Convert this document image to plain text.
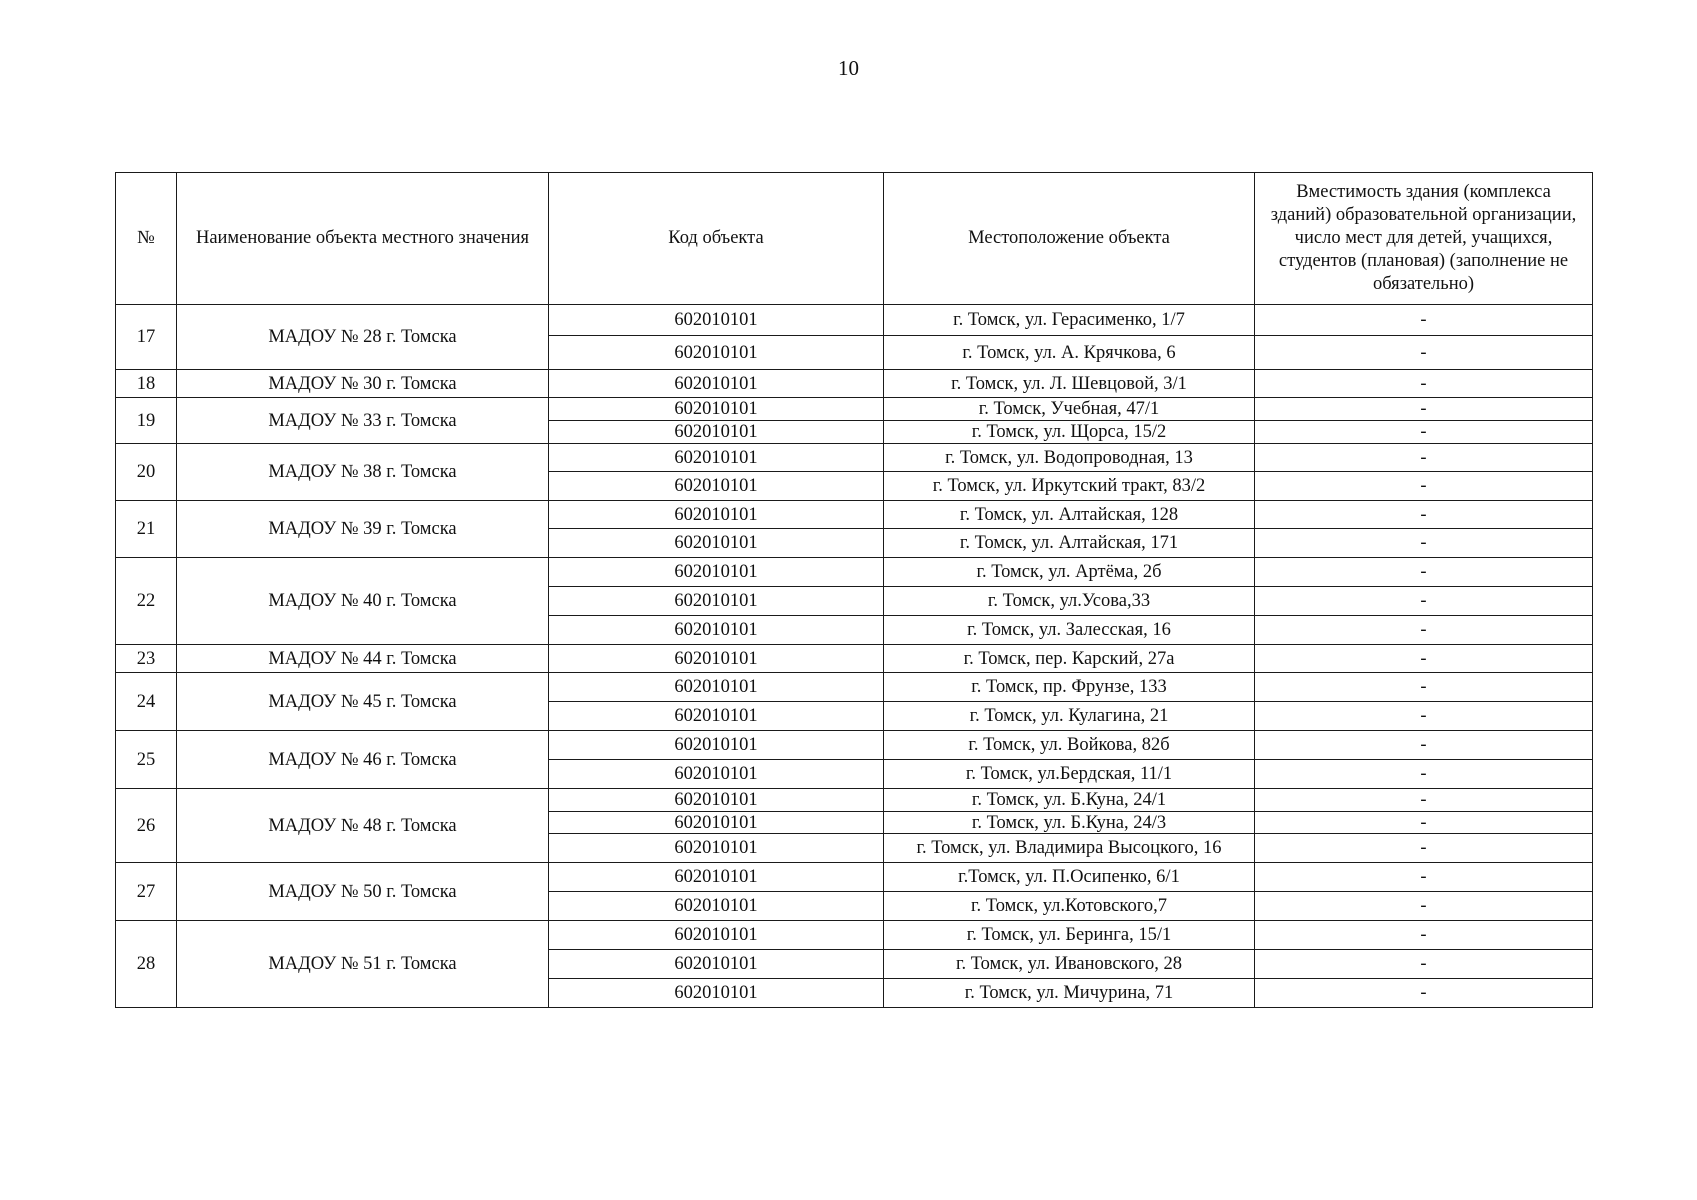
10
№	Наименование объекта местного значения	Код объекта	Местоположение объекта	Вместимость здания (комплекса зданий) образовательной организации, число мест для детей, учащихся, студентов (плановая) (заполнение не обязательно)
17	МАДОУ № 28 г. Томска	602010101	г. Томск, ул. Герасименко, 1/7	-
		602010101	г. Томск, ул. А. Крячкова, 6	-
18	МАДОУ № 30 г. Томска	602010101	г. Томск, ул. Л. Шевцовой, 3/1	-
19	МАДОУ № 33 г. Томска	602010101	г. Томск, Учебная, 47/1	-
		602010101	г. Томск, ул. Щорса, 15/2	-
20	МАДОУ № 38 г. Томска	602010101	г. Томск, ул. Водопроводная, 13	-
		602010101	г. Томск, ул. Иркутский тракт, 83/2	-
21	МАДОУ № 39 г. Томска	602010101	г. Томск, ул. Алтайская, 128	-
		602010101	г. Томск, ул. Алтайская, 171	-
22	МАДОУ № 40 г. Томска	602010101	г. Томск, ул. Артёма, 2б	-
		602010101	г. Томск, ул.Усова,33	-
		602010101	г. Томск, ул. Залесская, 16	-
23	МАДОУ № 44 г. Томска	602010101	г. Томск, пер. Карский, 27а	-
24	МАДОУ № 45 г. Томска	602010101	г. Томск, пр. Фрунзе, 133	-
		602010101	г. Томск, ул. Кулагина, 21	-
25	МАДОУ № 46 г. Томска	602010101	г. Томск, ул. Войкова, 82б	-
		602010101	г. Томск, ул.Бердская, 11/1	-
26	МАДОУ № 48 г. Томска	602010101	г. Томск, ул. Б.Куна, 24/1	-
		602010101	г. Томск, ул. Б.Куна, 24/3	-
		602010101	г. Томск, ул. Владимира Высоцкого, 16	-
27	МАДОУ № 50 г. Томска	602010101	г.Томск, ул. П.Осипенко, 6/1	-
		602010101	г. Томск, ул.Котовского,7	-
28	МАДОУ № 51 г. Томска	602010101	г. Томск, ул. Беринга, 15/1	-
		602010101	г. Томск, ул. Ивановского, 28	-
		602010101	г. Томск, ул. Мичурина, 71	-
